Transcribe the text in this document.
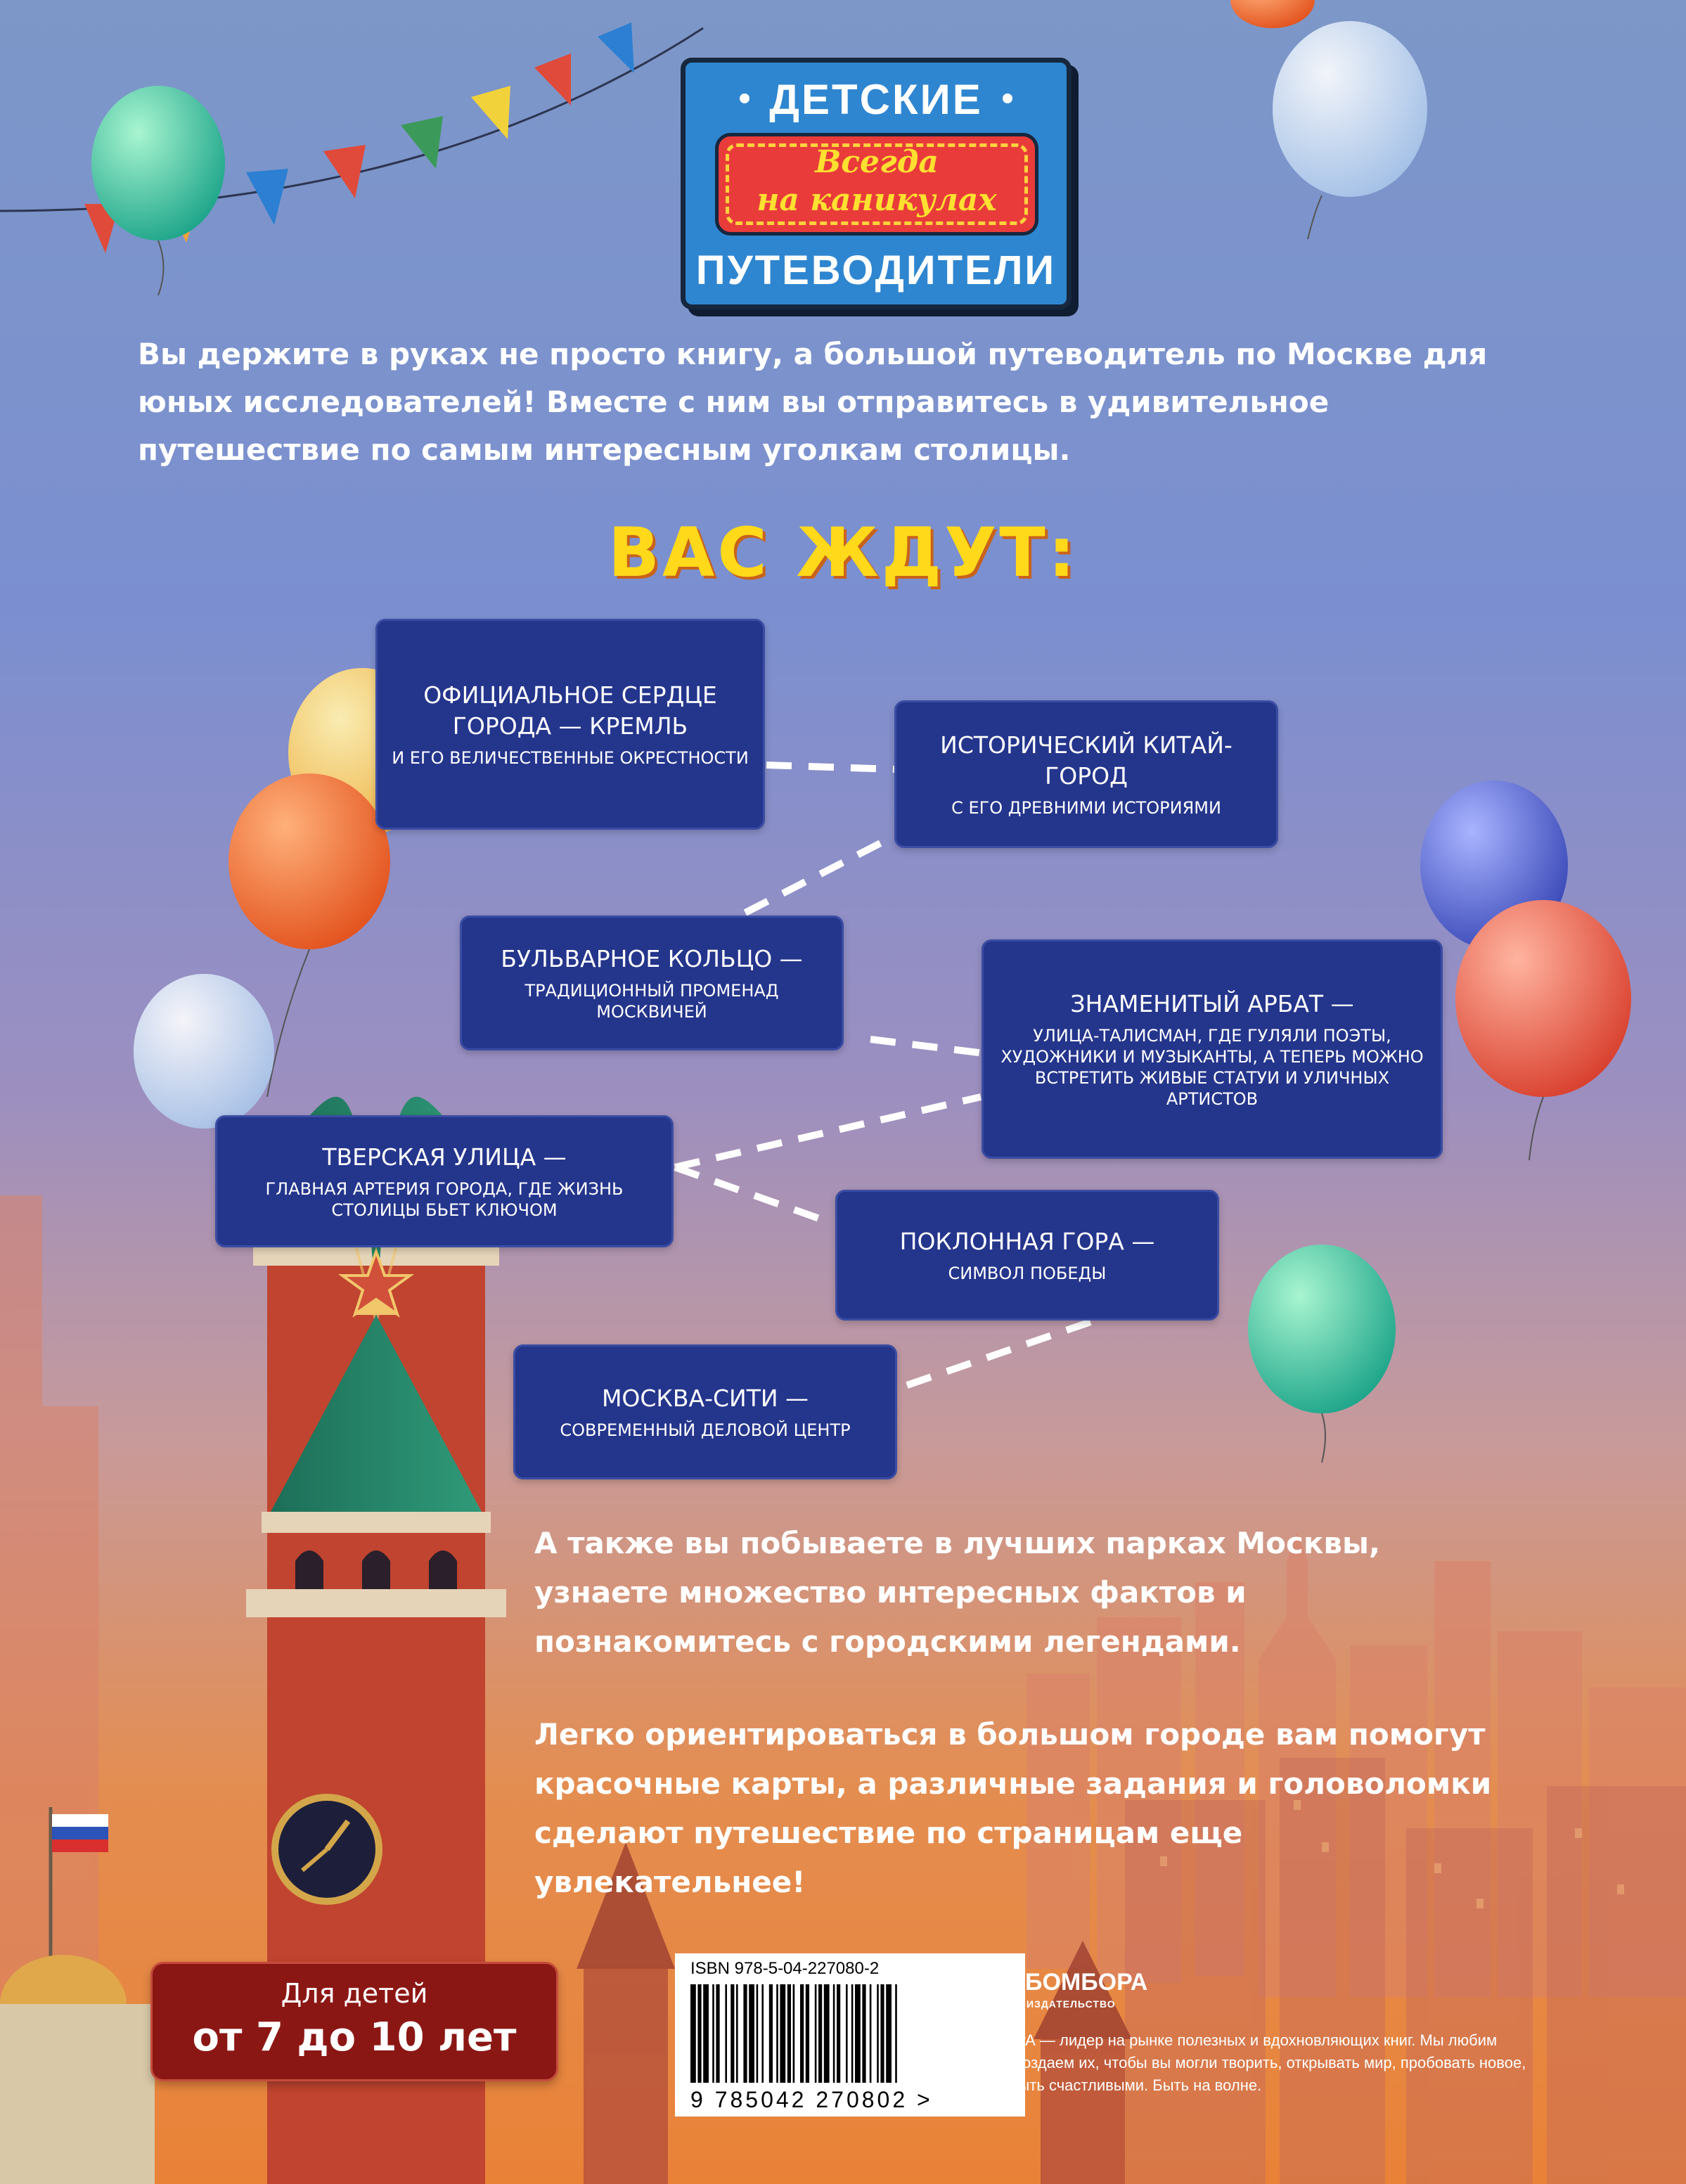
ДЕТСКИЕ
Всегда
на каникулах
ПУТЕВОДИТЕЛИ
Вы держите в руках не просто книгу, а большой путеводитель по Москве для юных исследователей! Вместе с ним вы отправитесь в удивительное путешествие по самым интересным уголкам столицы.
ВАС ЖДУТ:
ОФИЦИАЛЬНОЕ СЕРДЦЕ ГОРОДА — КРЕМЛЬ
И ЕГО ВЕЛИЧЕСТВЕННЫЕ ОКРЕСТНОСТИ	ИСТОРИЧЕСКИЙ КИТАЙ-ГОРОД
С ЕГО ДРЕВНИМИ ИСТОРИЯМИ
БУЛЬВАРНОЕ КОЛЬЦО —
ТРАДИЦИОННЫЙ ПРОМЕНАД МОСКВИЧЕЙ	ЗНАМЕНИТЫЙ АРБАТ —
УЛИЦА-ТАЛИСМАН, ГДЕ ГУЛЯЛИ ПОЭТЫ, ХУДОЖНИКИ И МУЗЫКАНТЫ, А ТЕПЕРЬ МОЖНО ВСТРЕТИТЬ ЖИВЫЕ СТАТУИ И УЛИЧНЫХ АРТИСТОВ
ТВЕРСКАЯ УЛИЦА —
ГЛАВНАЯ АРТЕРИЯ ГОРОДА, ГДЕ ЖИЗНЬ СТОЛИЦЫ БЬЕТ КЛЮЧОМ
ПОКЛОННАЯ ГОРА —
СИМВОЛ ПОБЕДЫ
МОСКВА-СИТИ —
СОВРЕМЕННЫЙ ДЕЛОВОЙ ЦЕНТР
А также вы побываете в лучших парках Москвы, узнаете множество интересных фактов и познакомитесь с городскими легендами.
Легко ориентироваться в большом городе вам помогут красочные карты, а различные задания и головоломки сделают путешествие по страницам еще увлекательнее!
Для детей
от 7 до 10 лет
ISBN 978-5-04-227080-2
9 785042 270802 >
БОМБОРА
ИЗДАТЕЛЬСТВО
БОМБОРА — лидер на рынке полезных и вдохновляющих книг. Мы любим книги и создаем их, чтобы вы могли творить, открывать мир, пробовать новое, расти. Быть счастливыми. Быть на волне.
